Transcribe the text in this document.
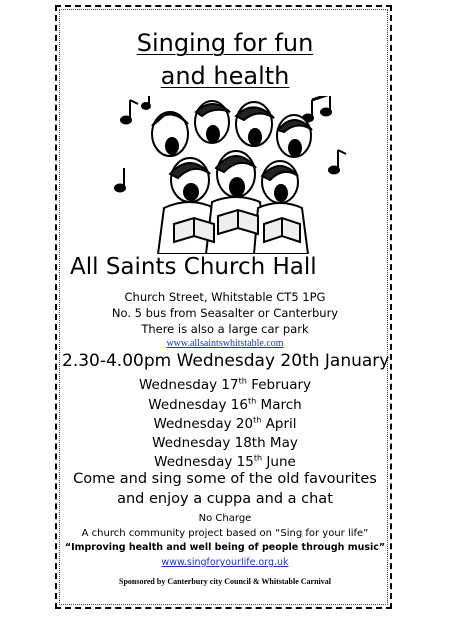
Singing for fun
and health
All Saints Church Hall
Church Street, Whitstable CT5 1PG
No. 5 bus from Seasalter or Canterbury
There is also a large car park
www.allsaintswhitstable.com
2.30-4.00pm Wednesday 20th January
Wednesday 17th February
Wednesday 16th March
Wednesday 20th April
Wednesday 18th May
Wednesday 15th June
Come and sing some of the old favourites
and enjoy a cuppa and a chat
No Charge
A church community project based on “Sing for your life”
“Improving health and well being of people through music”
www.singforyourlife.org.uk
Sponsored by Canterbury city Council & Whitstable Carnival
